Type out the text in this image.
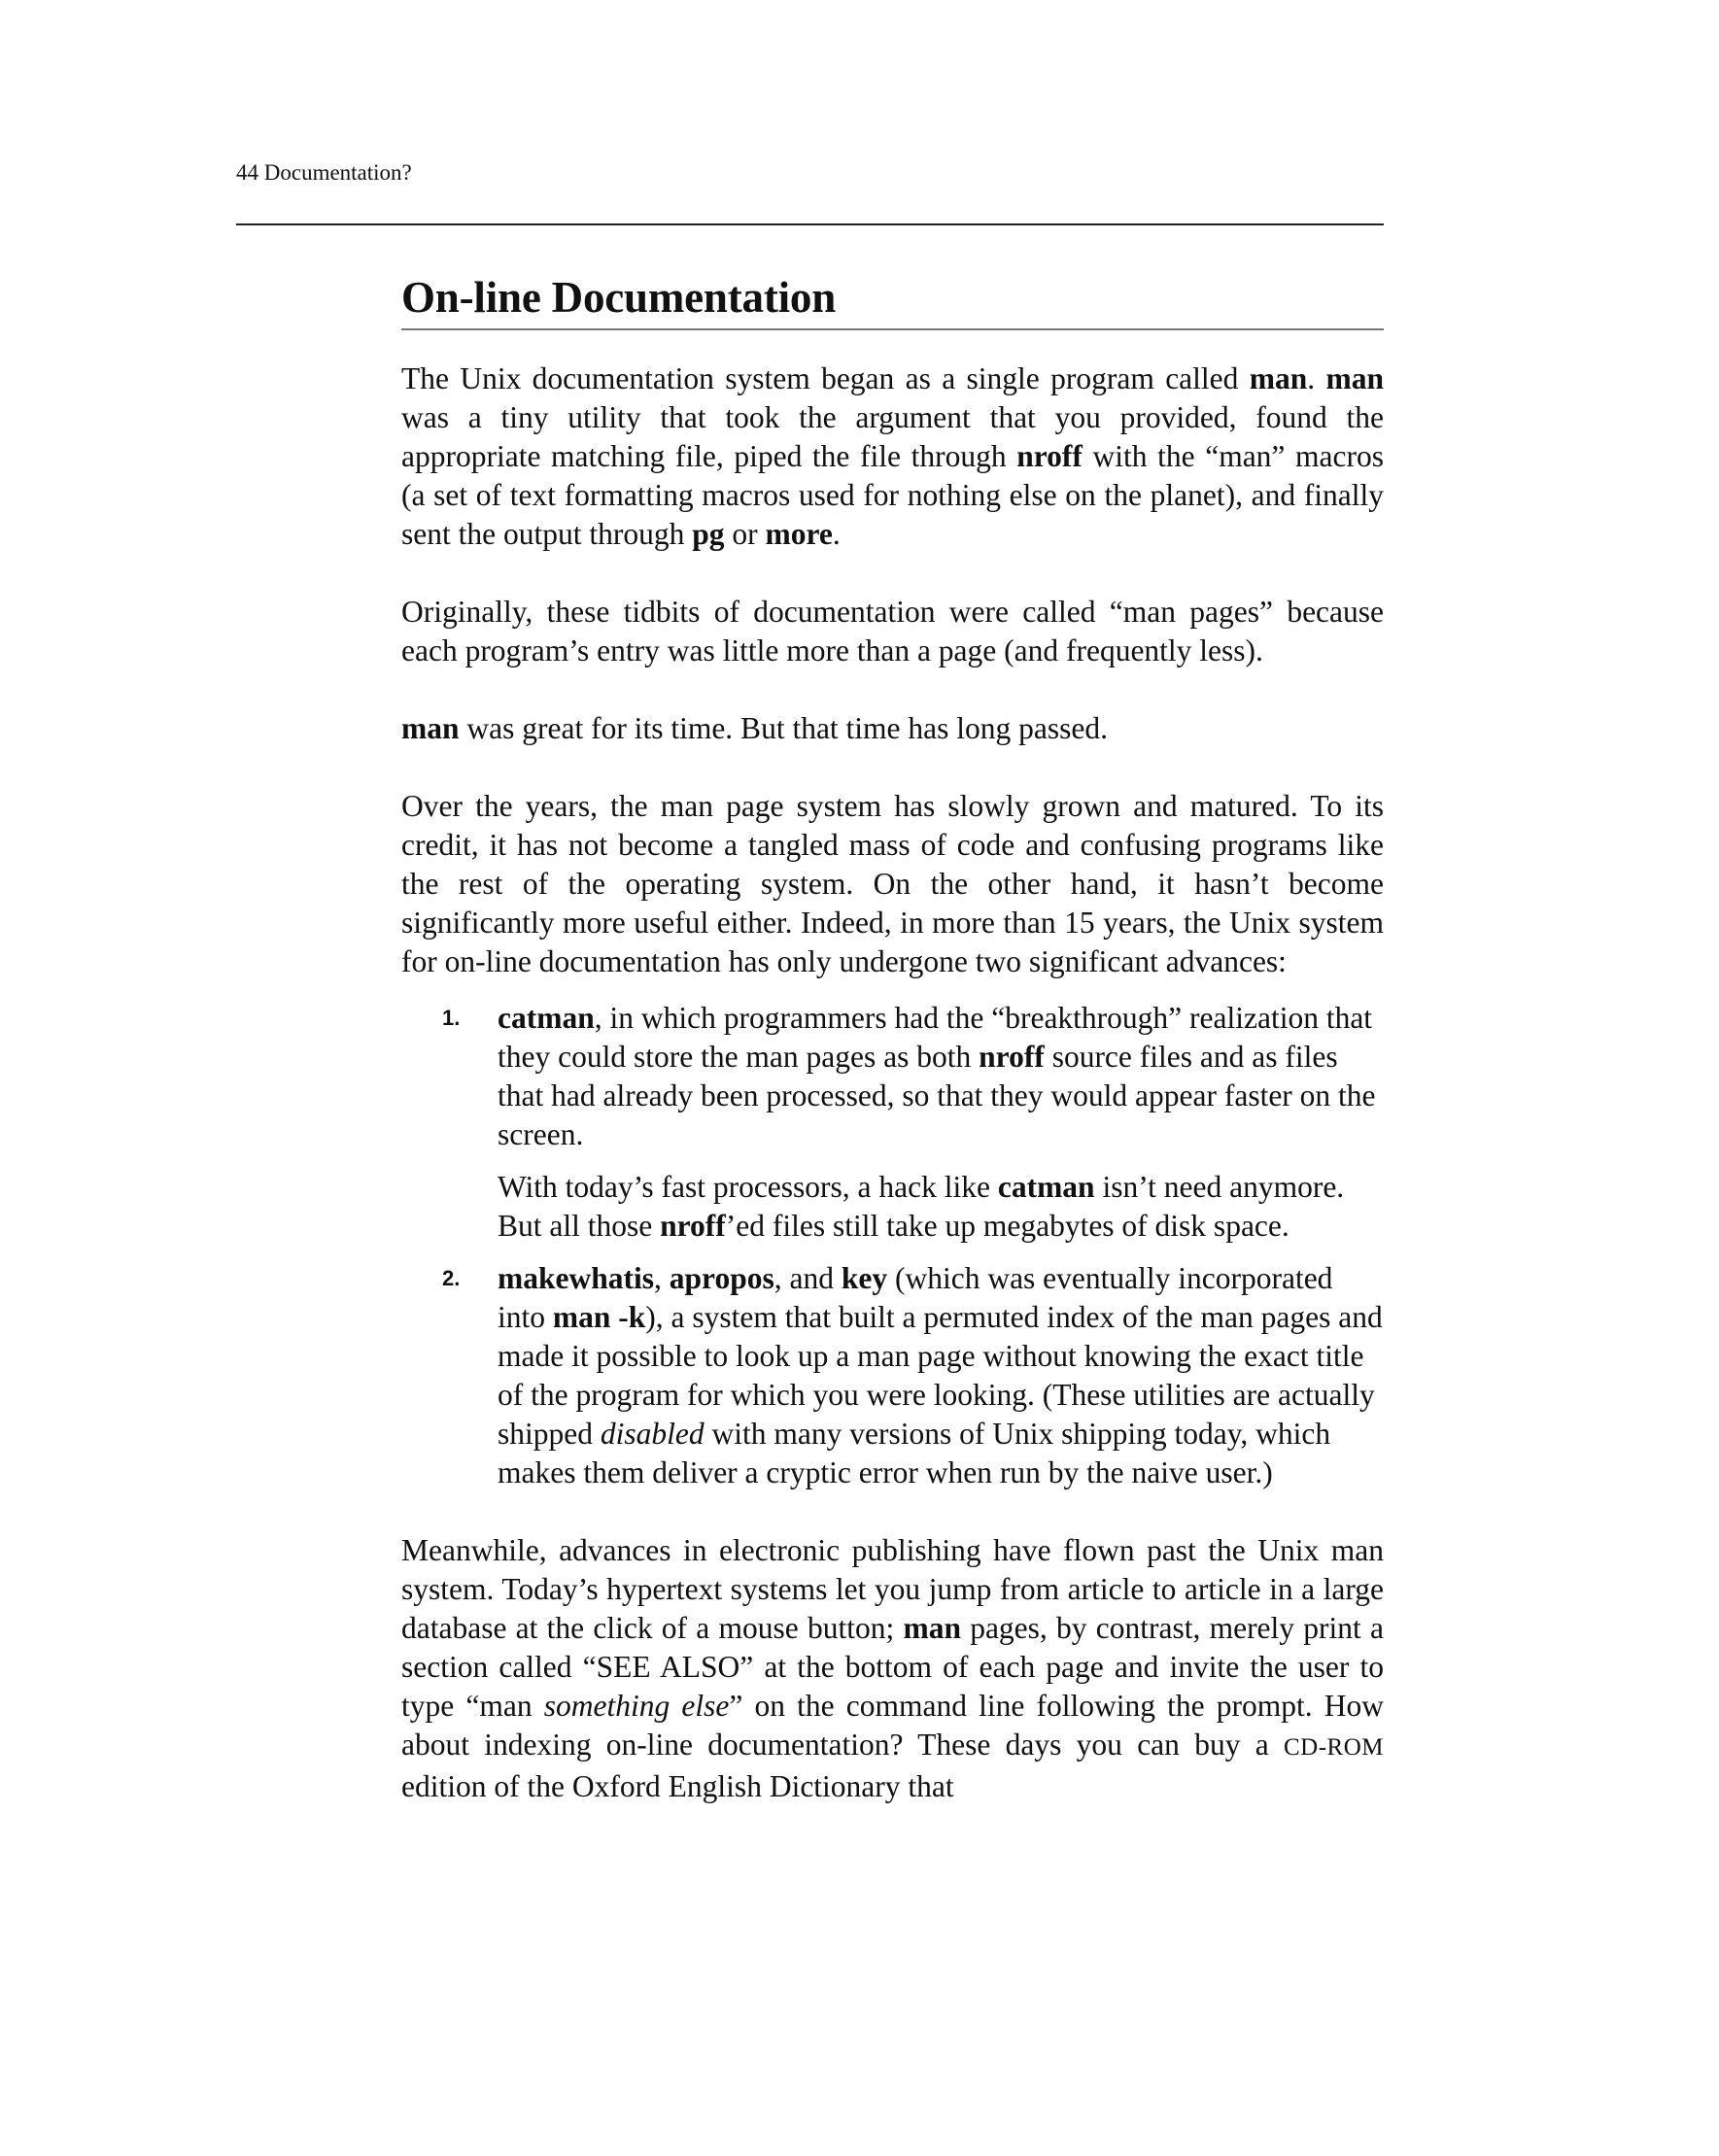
44 Documentation?
On-line Documentation

The Unix documentation system began as a single program called man. man was a tiny utility that took the argument that you provided, found the appropriate matching file, piped the file through nroff with the “man” macros (a set of text formatting macros used for nothing else on the planet), and finally sent the output through pg or more.

Originally, these tidbits of documentation were called “man pages” because each program’s entry was little more than a page (and frequently less).

man was great for its time. But that time has long passed.

Over the years, the man page system has slowly grown and matured. To its credit, it has not become a tangled mass of code and confusing programs like the rest of the operating system. On the other hand, it hasn’t become significantly more useful either. Indeed, in more than 15 years, the Unix system for on-line documentation has only undergone two significant advances:

1. catman, in which programmers had the “breakthrough” realization that they could store the man pages as both nroff source files and as files that had already been processed, so that they would appear faster on the screen.

With today’s fast processors, a hack like catman isn’t need anymore. But all those nroff’ed files still take up megabytes of disk space.

2. makewhatis, apropos, and key (which was eventually incorporated into man -k), a system that built a permuted index of the man pages and made it possible to look up a man page without knowing the exact title of the program for which you were looking. (These utilities are actually shipped disabled with many versions of Unix shipping today, which makes them deliver a cryptic error when run by the naive user.)

Meanwhile, advances in electronic publishing have flown past the Unix man system. Today’s hypertext systems let you jump from article to article in a large database at the click of a mouse button; man pages, by contrast, merely print a section called “SEE ALSO” at the bottom of each page and invite the user to type “man something else” on the command line following the prompt. How about indexing on-line documentation? These days you can buy a CD-ROM edition of the Oxford English Dictionary that
